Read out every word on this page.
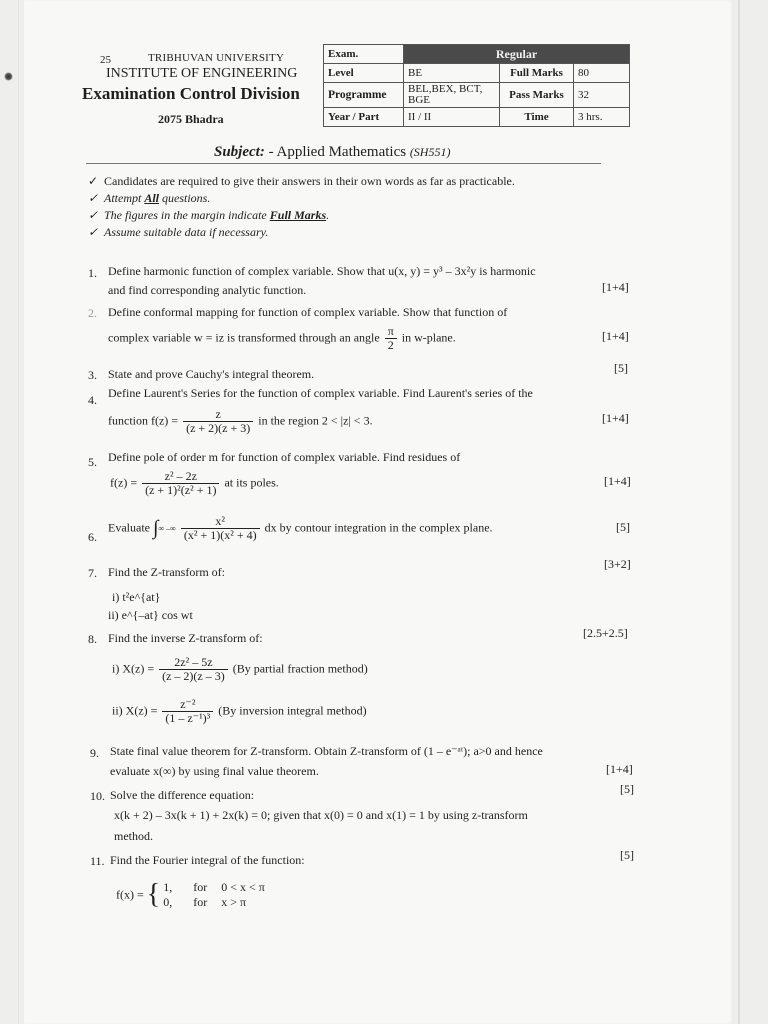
25	TRIBHUVAN UNIVERSITY
INSTITUTE OF ENGINEERING
Examination Control Division
2075 Bhadra
Exam.	Regular		
Level	BE	Full Marks	80
Programme	BEL,BEX, BCT,
BGE	Pass Marks	32
Year / Part	II / II	Time	3 hrs.
Subject: - Applied Mathematics (SH551)
✓ Candidates are required to give their answers in their own words as far as practicable.
✓ Attempt All questions.
✓ The figures in the margin indicate Full Marks.
✓ Assume suitable data if necessary.
1. Define harmonic function of complex variable. Show that u(x, y) = y³ – 3x²y is harmonic
and find corresponding analytic function.	[1+4]
2. Define conformal mapping for function of complex variable. Show that function of
complex variable w = iz is transformed through an angle $\frac{\pi}{2}$ in w-plane.	[1+4]
3. State and prove Cauchy's integral theorem.	[5]
4. Define Laurent's Series for the function of complex variable. Find Laurent's series of the
function $f(z) = \frac{z}{(z + 2)(z + 3)}$ in the region 2 < |z| < 3.	[1+4]
5. Define pole of order m for function of complex variable. Find residues of
$f(z) = \frac{\text{z² – 2z}}{\text{(z + 1)²(z² + 1)}}$ at its poles.	[1+4]
6.
Evaluate ∫∞ –∞ $\frac{\text{x²}}{\text{(x² + 1)(x² + 4)}}$ dx by contour integration in the complex plane.	[5]
7. Find the Z-transform of:
[3+2]
i) t²e^{at}
ii) e^{–at} cos wt
8. Find the inverse Z-transform of:	[2.5+2.5]
i) $X(z) = \frac{\text{2z² – 5z}}{(z - 2)(z - 3)} (By$ partial fraction method)
ii) $X(z) = \frac{\text{z⁻²}}{\text{(1 – z⁻¹)³}} (By$ inversion integral method)
9. State final value theorem for Z-transform. Obtain Z-transform of (1 – e⁻ᵃᵗ); a>0 and hence
evaluate x(∞) by using final value theorem.	[1+4]
10. Solve the difference equation:	[5]
x(k + 2) – 3x(k + 1) + 2x(k) = 0; given that x(0) = 0 and x(1) = 1 by using z-transform
method.
11. Find the Fourier integral of the function:	[5]
f(x) = { 1, for 0 < x < π
0, for x > π
